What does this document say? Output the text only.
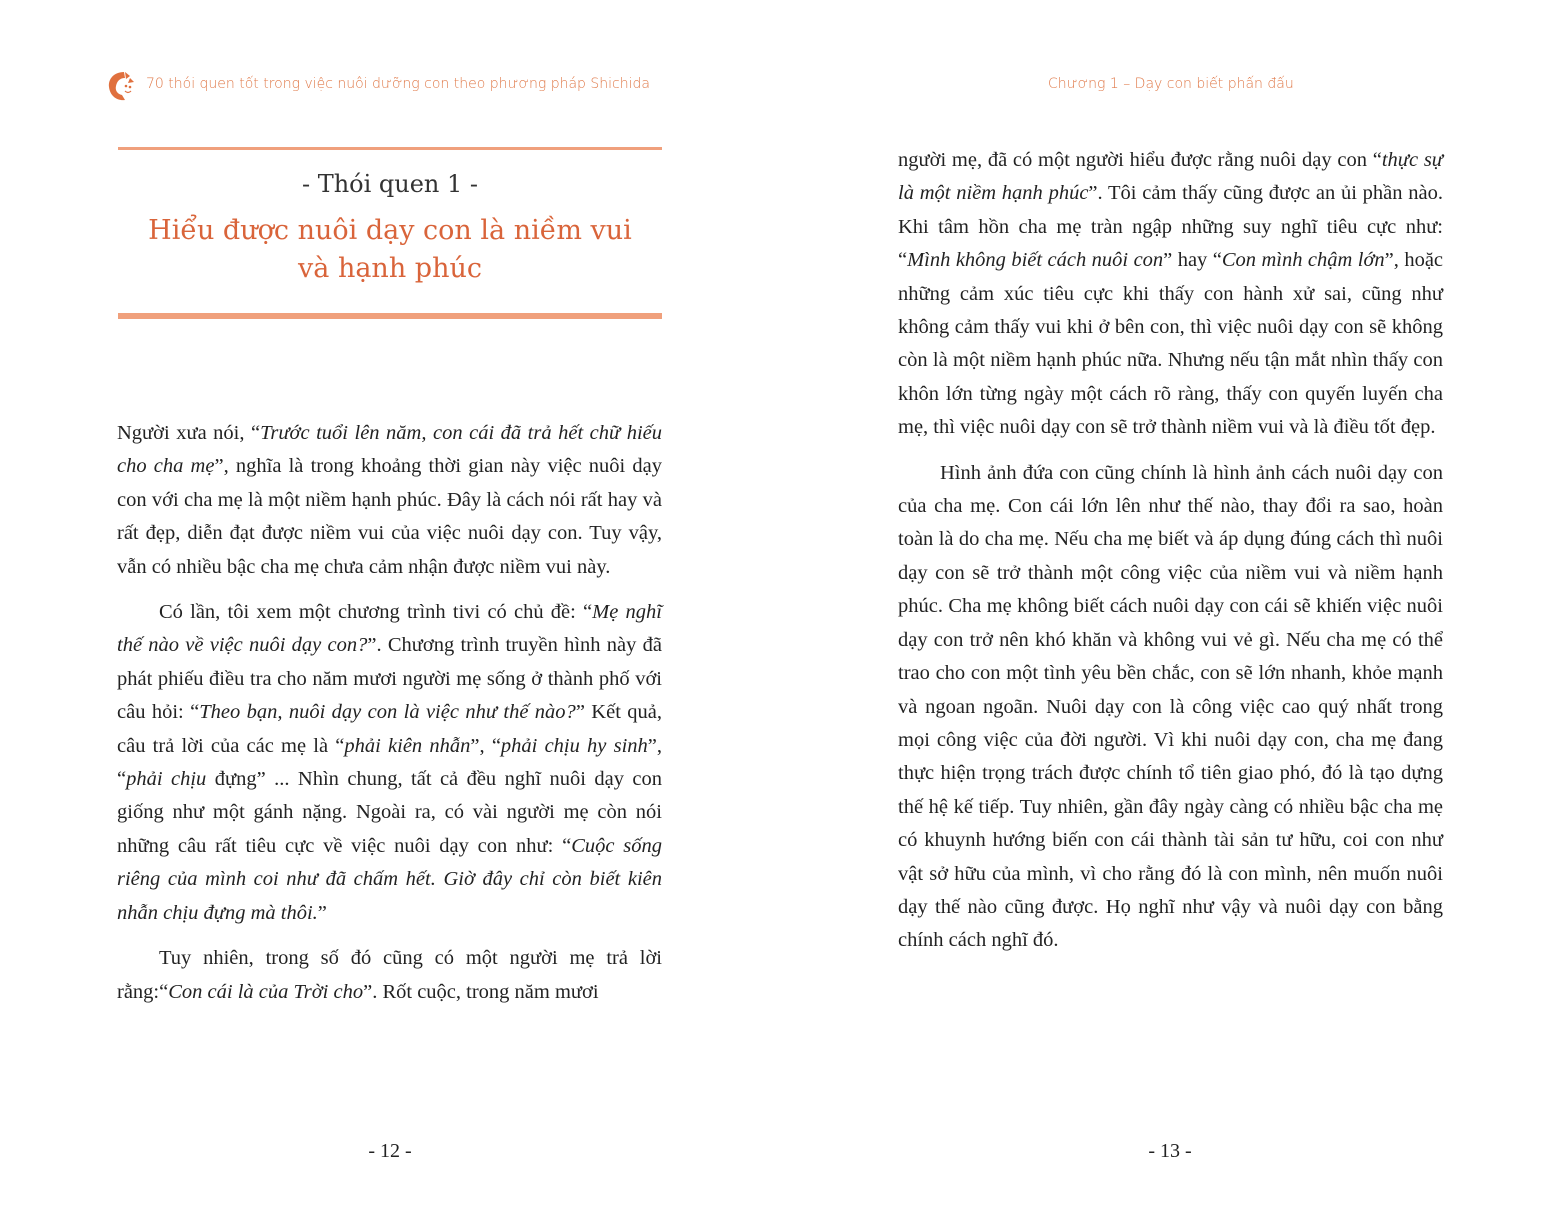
70 thói quen tốt trong việc nuôi dưỡng con theo phương pháp Shichida
- Thói quen 1 -
Hiểu được nuôi dạy con là niềm vui
và hạnh phúc

Người xưa nói, “Trước tuổi lên năm, con cái đã trả hết chữ hiếu cho cha mẹ”, nghĩa là trong khoảng thời gian này việc nuôi dạy con với cha mẹ là một niềm hạnh phúc. Đây là cách nói rất hay và rất đẹp, diễn đạt được niềm vui của việc nuôi dạy con. Tuy vậy, vẫn có nhiều bậc cha mẹ chưa cảm nhận được niềm vui này.

Có lần, tôi xem một chương trình tivi có chủ đề: “Mẹ nghĩ thế nào về việc nuôi dạy con?”. Chương trình truyền hình này đã phát phiếu điều tra cho năm mươi người mẹ sống ở thành phố với câu hỏi: “Theo bạn, nuôi dạy con là việc như thế nào?” Kết quả, câu trả lời của các mẹ là “phải kiên nhẫn”, “phải chịu hy sinh”, “phải chịu đựng” ... Nhìn chung, tất cả đều nghĩ nuôi dạy con giống như một gánh nặng. Ngoài ra, có vài người mẹ còn nói những câu rất tiêu cực về việc nuôi dạy con như: “Cuộc sống riêng của mình coi như đã chấm hết. Giờ đây chỉ còn biết kiên nhẫn chịu đựng mà thôi.”

Tuy nhiên, trong số đó cũng có một người mẹ trả lời rằng:“Con cái là của Trời cho”. Rốt cuộc, trong năm mươi

- 12 -
Chương 1 – Dạy con biết phấn đấu

người mẹ, đã có một người hiểu được rằng nuôi dạy con “thực sự là một niềm hạnh phúc”. Tôi cảm thấy cũng được an ủi phần nào. Khi tâm hồn cha mẹ tràn ngập những suy nghĩ tiêu cực như: “Mình không biết cách nuôi con” hay “Con mình chậm lớn”, hoặc những cảm xúc tiêu cực khi thấy con hành xử sai, cũng như không cảm thấy vui khi ở bên con, thì việc nuôi dạy con sẽ không còn là một niềm hạnh phúc nữa. Nhưng nếu tận mắt nhìn thấy con khôn lớn từng ngày một cách rõ ràng, thấy con quyến luyến cha mẹ, thì việc nuôi dạy con sẽ trở thành niềm vui và là điều tốt đẹp.

Hình ảnh đứa con cũng chính là hình ảnh cách nuôi dạy con của cha mẹ. Con cái lớn lên như thế nào, thay đổi ra sao, hoàn toàn là do cha mẹ. Nếu cha mẹ biết và áp dụng đúng cách thì nuôi dạy con sẽ trở thành một công việc của niềm vui và niềm hạnh phúc. Cha mẹ không biết cách nuôi dạy con cái sẽ khiến việc nuôi dạy con trở nên khó khăn và không vui vẻ gì. Nếu cha mẹ có thể trao cho con một tình yêu bền chắc, con sẽ lớn nhanh, khỏe mạnh và ngoan ngoãn. Nuôi dạy con là công việc cao quý nhất trong mọi công việc của đời người. Vì khi nuôi dạy con, cha mẹ đang thực hiện trọng trách được chính tổ tiên giao phó, đó là tạo dựng thế hệ kế tiếp. Tuy nhiên, gần đây ngày càng có nhiều bậc cha mẹ có khuynh hướng biến con cái thành tài sản tư hữu, coi con như vật sở hữu của mình, vì cho rằng đó là con mình, nên muốn nuôi dạy thế nào cũng được. Họ nghĩ như vậy và nuôi dạy con bằng chính cách nghĩ đó.

- 13 -
